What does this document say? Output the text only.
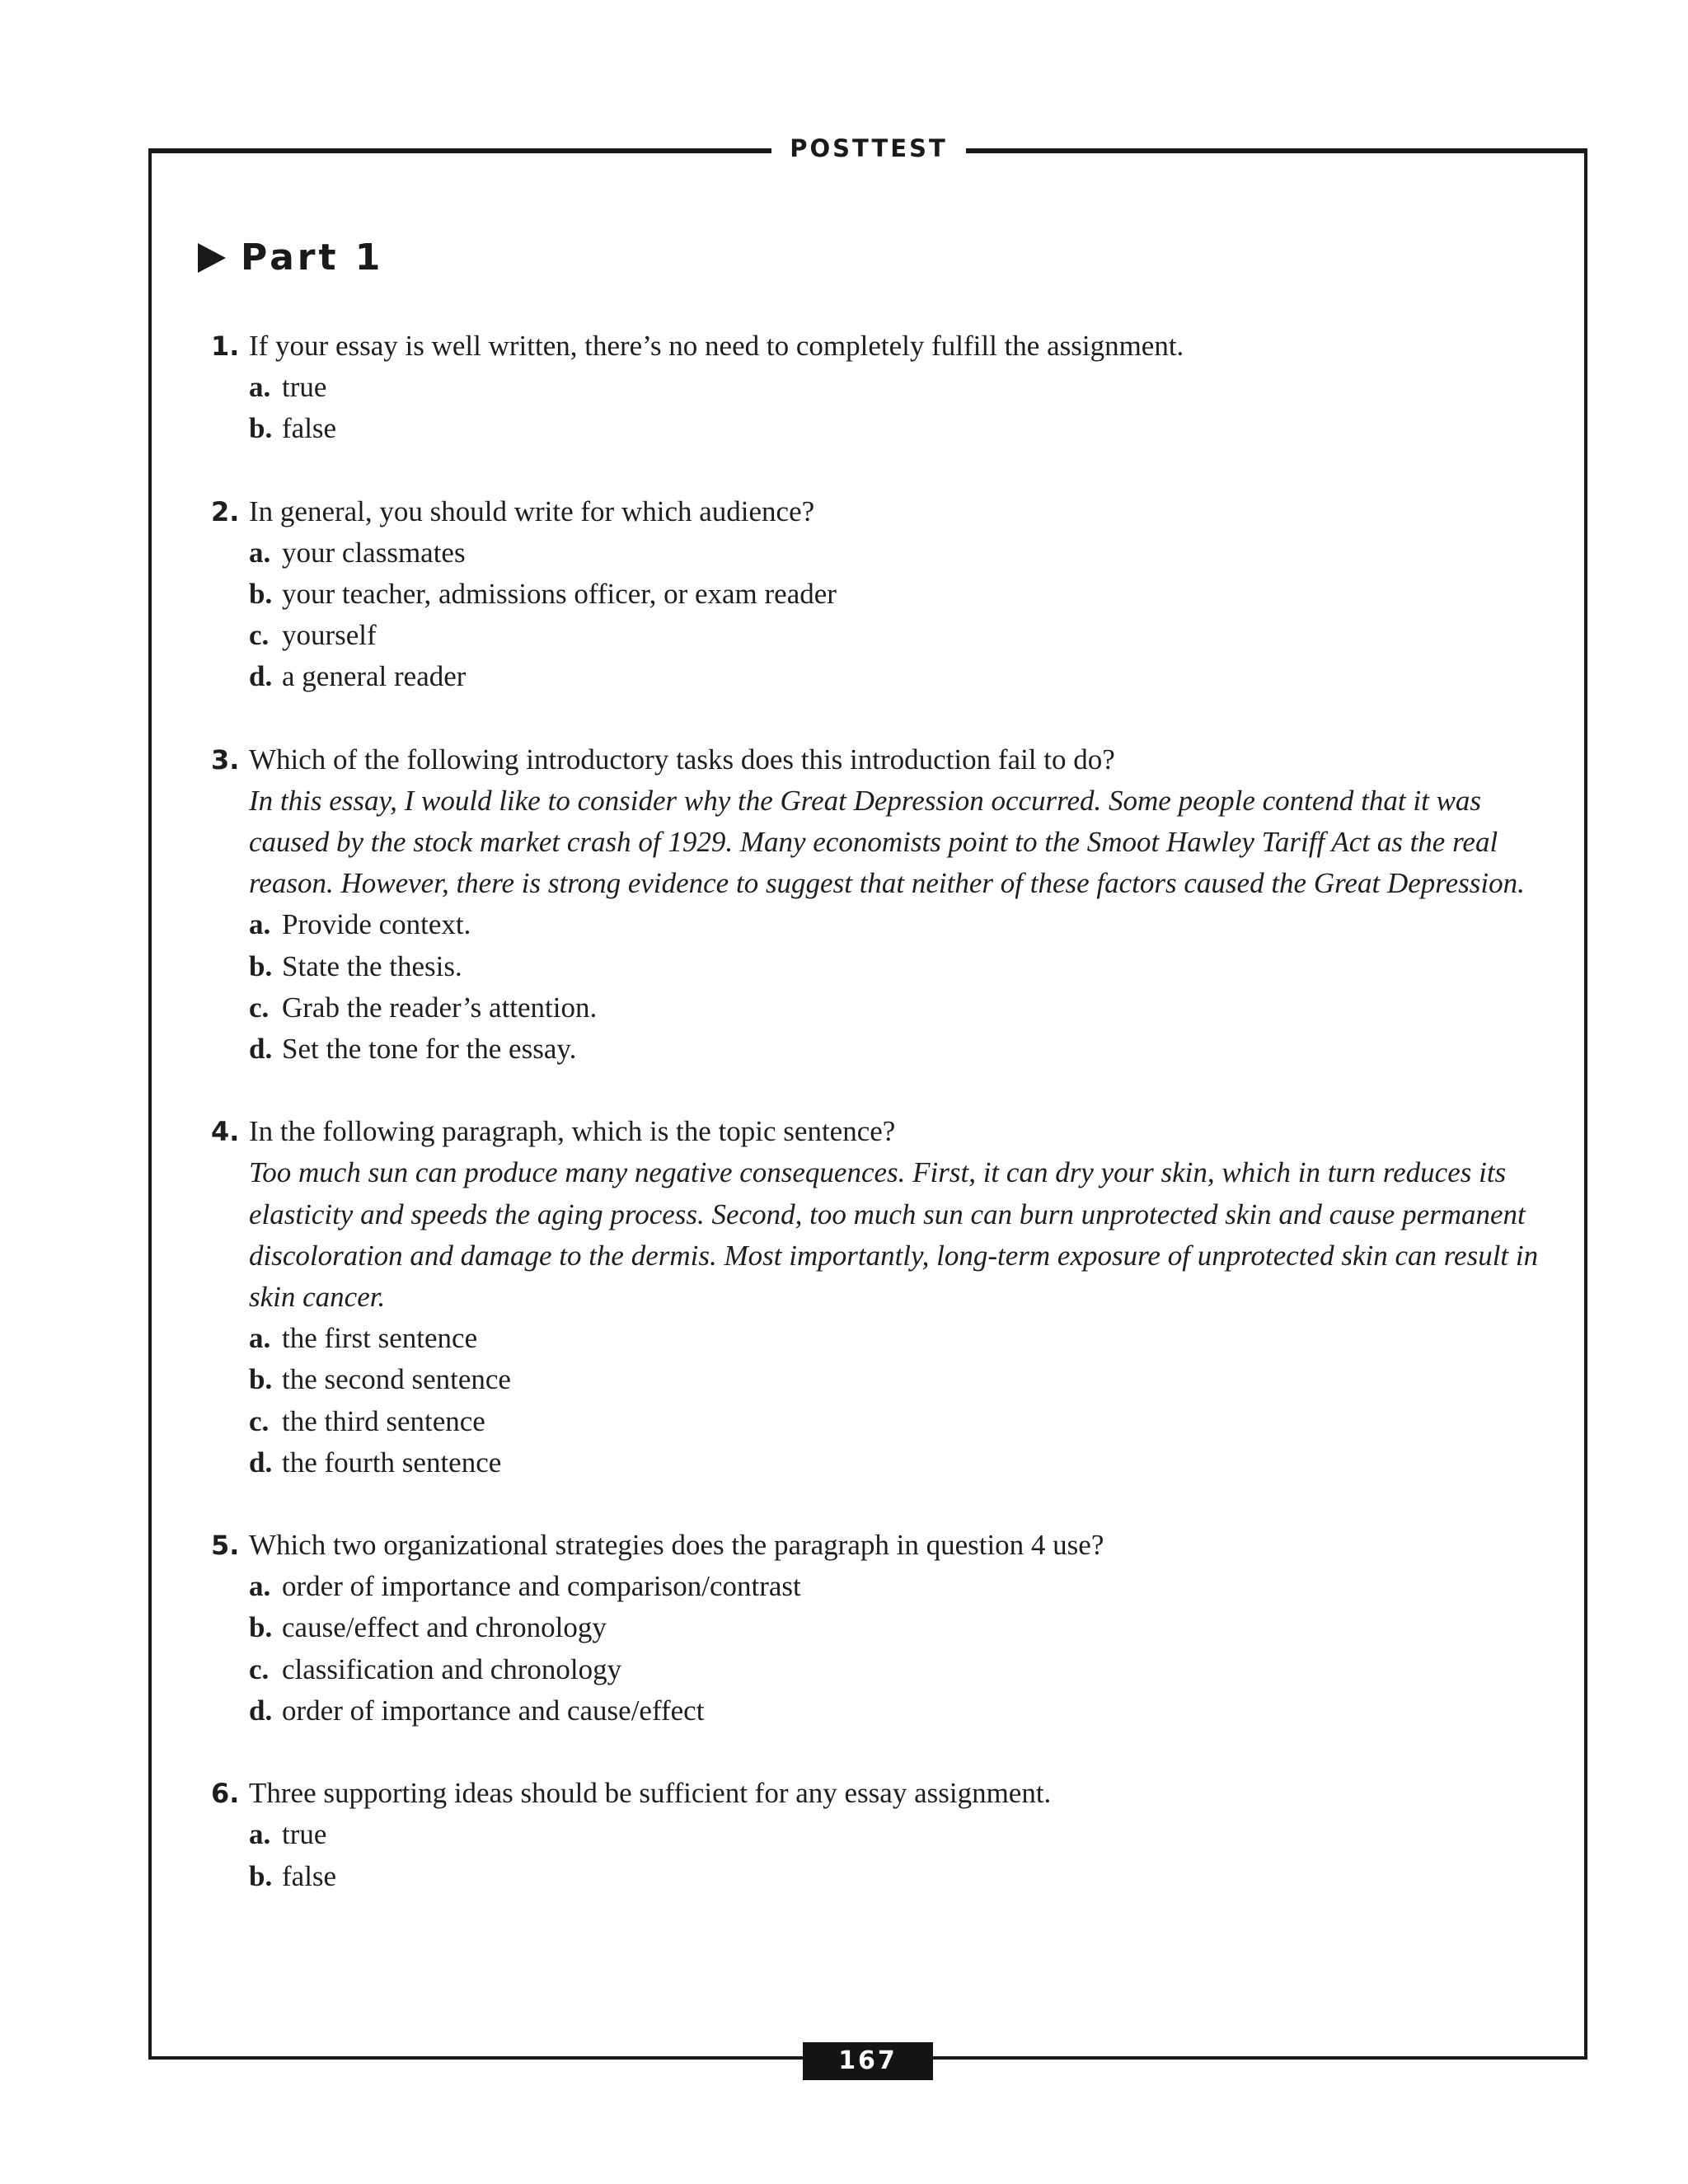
POSTTEST
Part 1
1. If your essay is well written, there’s no need to completely fulfill the assignment.
a. true
b. false
2. In general, you should write for which audience?
a. your classmates
b. your teacher, admissions officer, or exam reader
c. yourself
d. a general reader
3. Which of the following introductory tasks does this introduction fail to do?
In this essay, I would like to consider why the Great Depression occurred. Some people contend that it was
caused by the stock market crash of 1929. Many economists point to the Smoot Hawley Tariff Act as the real
reason. However, there is strong evidence to suggest that neither of these factors caused the Great Depression.
a. Provide context.
b. State the thesis.
c. Grab the reader’s attention.
d. Set the tone for the essay.
4. In the following paragraph, which is the topic sentence?
Too much sun can produce many negative consequences. First, it can dry your skin, which in turn reduces its
elasticity and speeds the aging process. Second, too much sun can burn unprotected skin and cause permanent
discoloration and damage to the dermis. Most importantly, long-term exposure of unprotected skin can result in
skin cancer.
a. the first sentence
b. the second sentence
c. the third sentence
d. the fourth sentence
5. Which two organizational strategies does the paragraph in question 4 use?
a. order of importance and comparison/contrast
b. cause/effect and chronology
c. classification and chronology
d. order of importance and cause/effect
6. Three supporting ideas should be sufficient for any essay assignment.
a. true
b. false
167
